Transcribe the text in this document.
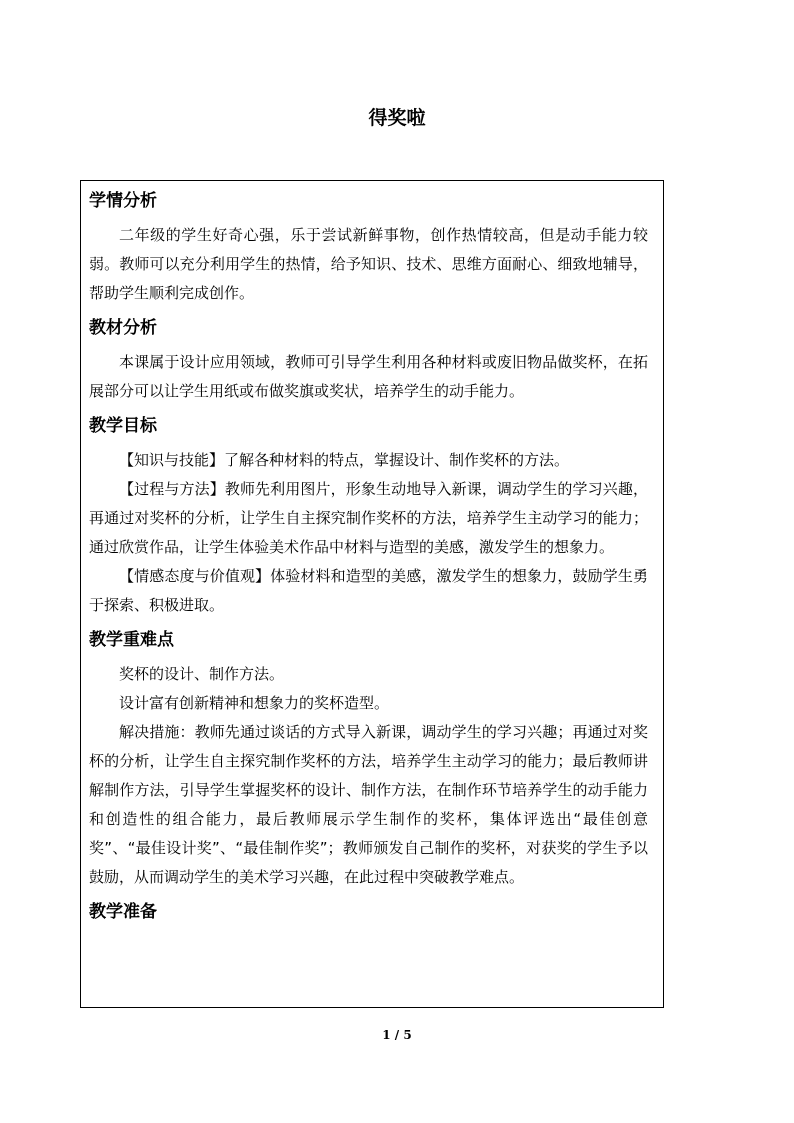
得奖啦
学情分析

二年级的学生好奇心强，乐于尝试新鲜事物，创作热情较高，但是动手能力较弱。教师可以充分利用学生的热情，给予知识、技术、思维方面耐心、细致地辅导，帮助学生顺利完成创作。

教材分析

本课属于设计应用领域，教师可引导学生利用各种材料或废旧物品做奖杯，在拓展部分可以让学生用纸或布做奖旗或奖状，培养学生的动手能力。

教学目标

【知识与技能】了解各种材料的特点，掌握设计、制作奖杯的方法。

【过程与方法】教师先利用图片，形象生动地导入新课，调动学生的学习兴趣，再通过对奖杯的分析，让学生自主探究制作奖杯的方法，培养学生主动学习的能力；通过欣赏作品，让学生体验美术作品中材料与造型的美感，激发学生的想象力。

【情感态度与价值观】体验材料和造型的美感，激发学生的想象力，鼓励学生勇于探索、积极进取。

教学重难点

奖杯的设计、制作方法。

设计富有创新精神和想象力的奖杯造型。

解决措施：教师先通过谈话的方式导入新课，调动学生的学习兴趣；再通过对奖杯的分析，让学生自主探究制作奖杯的方法，培养学生主动学习的能力；最后教师讲解制作方法，引导学生掌握奖杯的设计、制作方法，在制作环节培养学生的动手能力和创造性的组合能力，最后教师展示学生制作的奖杯，集体评选出“最佳创意奖”、“最佳设计奖”、“最佳制作奖”；教师颁发自己制作的奖杯，对获奖的学生予以鼓励，从而调动学生的美术学习兴趣，在此过程中突破教学难点。

教学准备
1 / 5
